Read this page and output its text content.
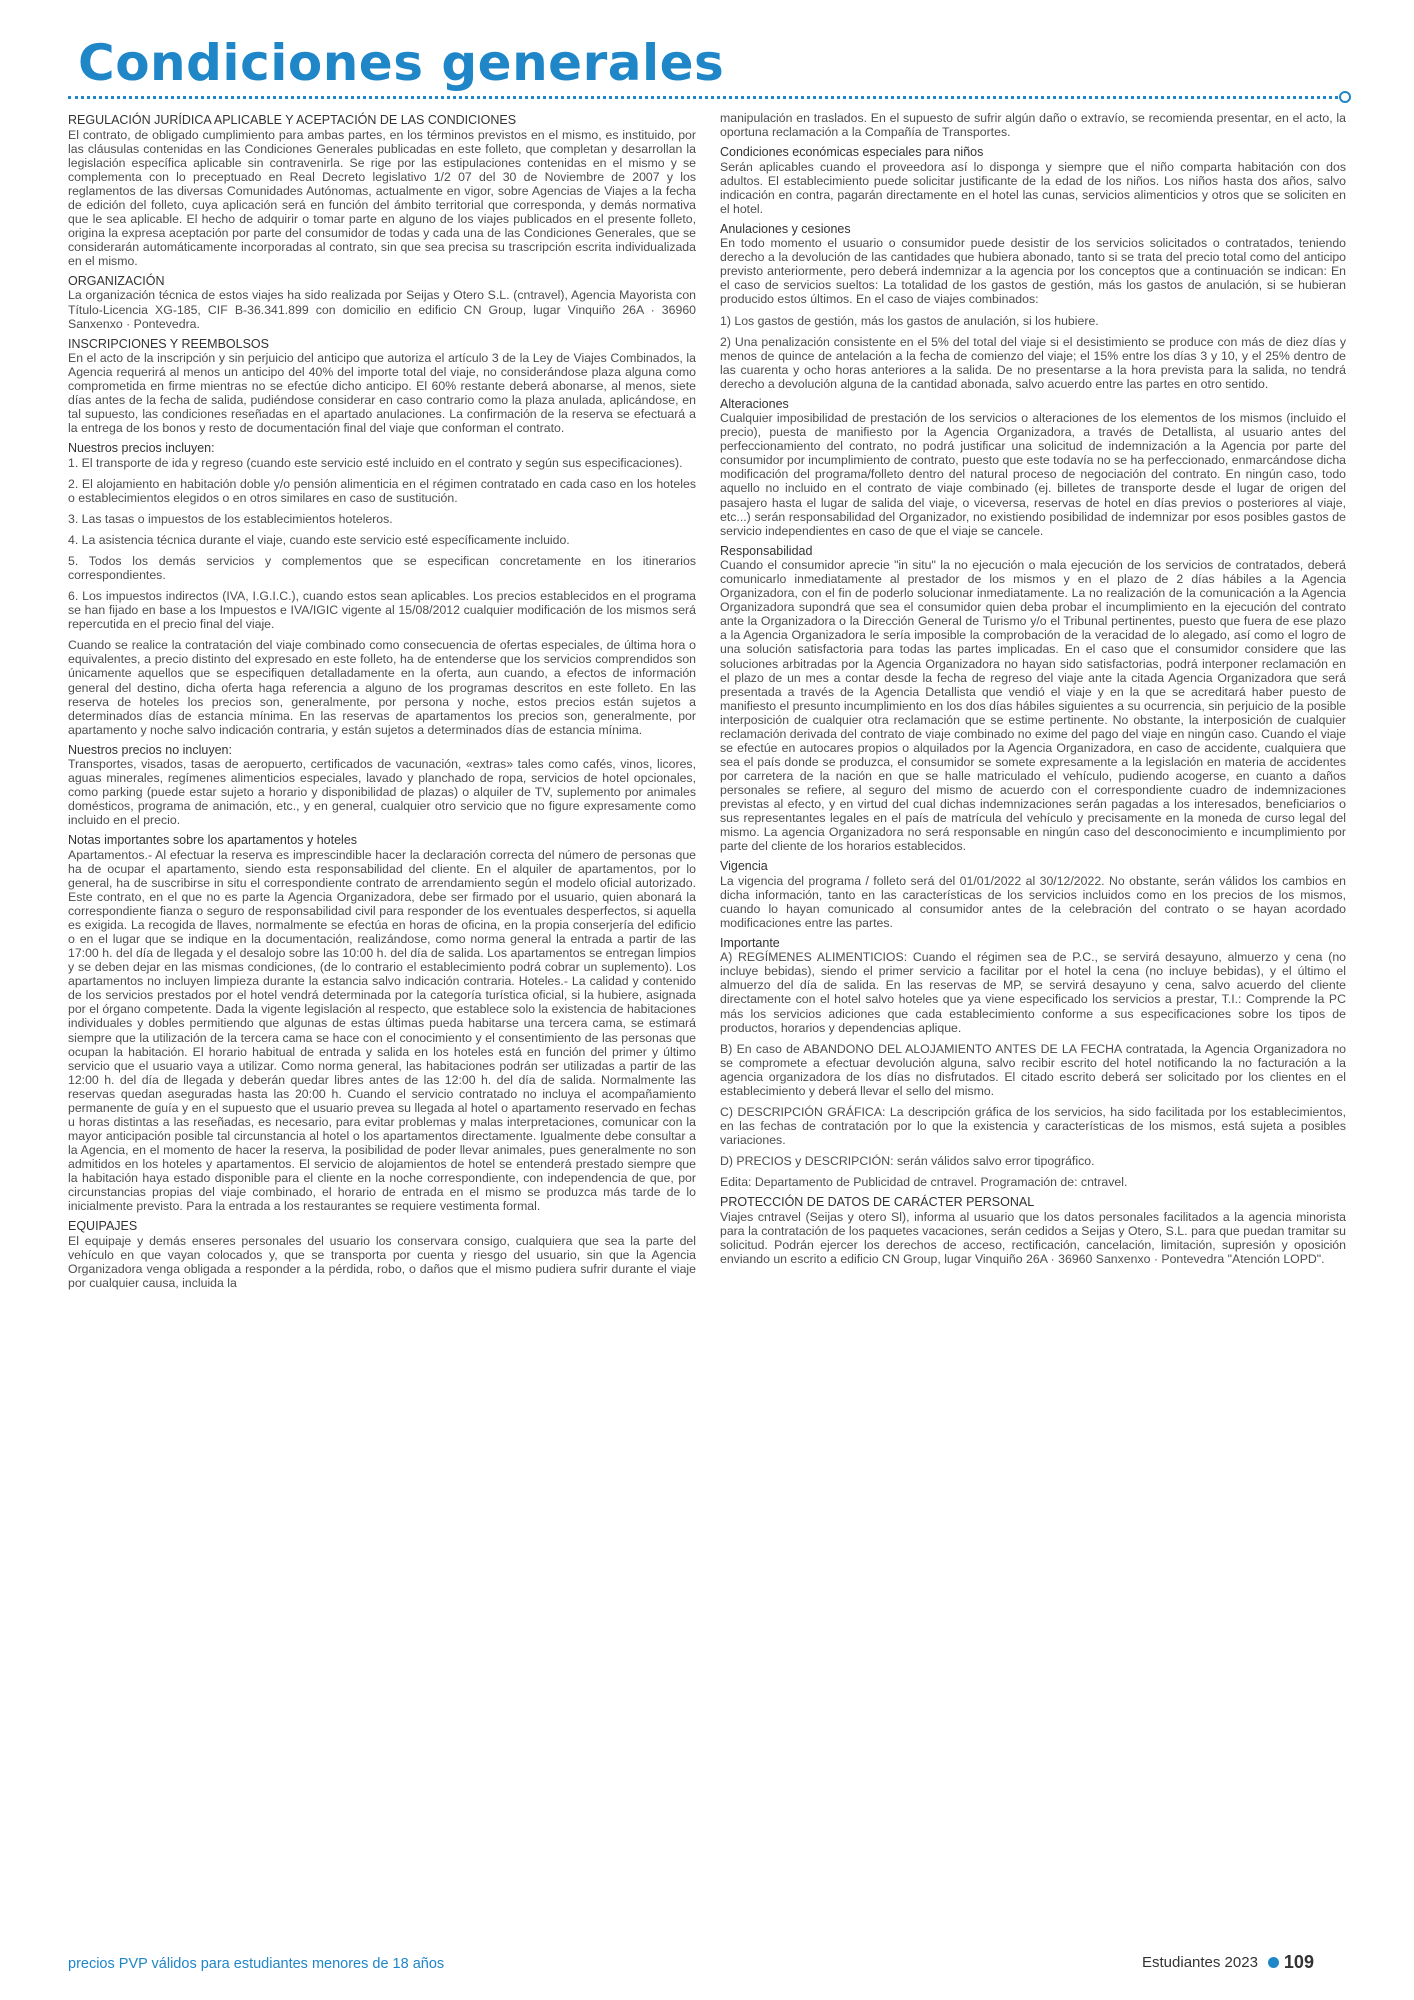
Condiciones generales
REGULACIÓN JURÍDICA APLICABLE Y ACEPTACIÓN DE LAS CONDICIONES

El contrato, de obligado cumplimiento para ambas partes, en los términos previstos en el mismo, es instituido, por las cláusulas contenidas en las Condiciones Generales publicadas en este folleto, que completan y desarrollan la legislación específica aplicable sin contravenirla. Se rige por las estipulaciones contenidas en el mismo y se complementa con lo preceptuado en Real Decreto legislativo 1/2 07 del 30 de Noviembre de 2007 y los reglamentos de las diversas Comunidades Autónomas, actualmente en vigor, sobre Agencias de Viajes a la fecha de edición del folleto, cuya aplicación será en función del ámbito territorial que corresponda, y demás normativa que le sea aplicable. El hecho de adquirir o tomar parte en alguno de los viajes publicados en el presente folleto, origina la expresa aceptación por parte del consumidor de todas y cada una de las Condiciones Generales, que se considerarán automáticamente incorporadas al contrato, sin que sea precisa su trascripción escrita individualizada en el mismo.

ORGANIZACIÓN

La organización técnica de estos viajes ha sido realizada por Seijas y Otero S.L. (cntravel), Agencia Mayorista con Título-Licencia XG-185, CIF B-36.341.899 con domicilio en edificio CN Group, lugar Vinquiño 26A · 36960 Sanxenxo · Pontevedra.

INSCRIPCIONES Y REEMBOLSOS

En el acto de la inscripción y sin perjuicio del anticipo que autoriza el artículo 3 de la Ley de Viajes Combinados, la Agencia requerirá al menos un anticipo del 40% del importe total del viaje, no considerándose plaza alguna como comprometida en firme mientras no se efectúe dicho anticipo. El 60% restante deberá abonarse, al menos, siete días antes de la fecha de salida, pudiéndose considerar en caso contrario como la plaza anulada, aplicándose, en tal supuesto, las condiciones reseñadas en el apartado anulaciones. La confirmación de la reserva se efectuará a la entrega de los bonos y resto de documentación final del viaje que conforman el contrato.

Nuestros precios incluyen:

1. El transporte de ida y regreso (cuando este servicio esté incluido en el contrato y según sus especificaciones).

2. El alojamiento en habitación doble y/o pensión alimenticia en el régimen contratado en cada caso en los hoteles o establecimientos elegidos o en otros similares en caso de sustitución.

3. Las tasas o impuestos de los establecimientos hoteleros.

4. La asistencia técnica durante el viaje, cuando este servicio esté específicamente incluido.

5. Todos los demás servicios y complementos que se especifican concretamente en los itinerarios correspondientes.

6. Los impuestos indirectos (IVA, I.G.I.C.), cuando estos sean aplicables. Los precios establecidos en el programa se han fijado en base a los Impuestos e IVA/IGIC vigente al 15/08/2012 cualquier modificación de los mismos será repercutida en el precio final del viaje.

Cuando se realice la contratación del viaje combinado como consecuencia de ofertas especiales, de última hora o equivalentes, a precio distinto del expresado en este folleto, ha de entenderse que los servicios comprendidos son únicamente aquellos que se especifiquen detalladamente en la oferta, aun cuando, a efectos de información general del destino, dicha oferta haga referencia a alguno de los programas descritos en este folleto. En las reserva de hoteles los precios son, generalmente, por persona y noche, estos precios están sujetos a determinados días de estancia mínima. En las reservas de apartamentos los precios son, generalmente, por apartamento y noche salvo indicación contraria, y están sujetos a determinados días de estancia mínima.

Nuestros precios no incluyen:

Transportes, visados, tasas de aeropuerto, certificados de vacunación, «extras» tales como cafés, vinos, licores, aguas minerales, regímenes alimenticios especiales, lavado y planchado de ropa, servicios de hotel opcionales, como parking (puede estar sujeto a horario y disponibilidad de plazas) o alquiler de TV, suplemento por animales domésticos, programa de animación, etc., y en general, cualquier otro servicio que no figure expresamente como incluido en el precio.

Notas importantes sobre los apartamentos y hoteles

Apartamentos.- Al efectuar la reserva es imprescindible hacer la declaración correcta del número de personas que ha de ocupar el apartamento, siendo esta responsabilidad del cliente. En el alquiler de apartamentos, por lo general, ha de suscribirse in situ el correspondiente contrato de arrendamiento según el modelo oficial autorizado. Este contrato, en el que no es parte la Agencia Organizadora, debe ser firmado por el usuario, quien abonará la correspondiente fianza o seguro de responsabilidad civil para responder de los eventuales desperfectos, si aquella es exigida. La recogida de llaves, normalmente se efectúa en horas de oficina, en la propia conserjería del edificio o en el lugar que se indique en la documentación, realizándose, como norma general la entrada a partir de las 17:00 h. del día de llegada y el desalojo sobre las 10:00 h. del día de salida. Los apartamentos se entregan limpios y se deben dejar en las mismas condiciones, (de lo contrario el establecimiento podrá cobrar un suplemento). Los apartamentos no incluyen limpieza durante la estancia salvo indicación contraria. Hoteles.- La calidad y contenido de los servicios prestados por el hotel vendrá determinada por la categoría turística oficial, si la hubiere, asignada por el órgano competente. Dada la vigente legislación al respecto, que establece solo la existencia de habitaciones individuales y dobles permitiendo que algunas de estas últimas pueda habitarse una tercera cama, se estimará siempre que la utilización de la tercera cama se hace con el conocimiento y el consentimiento de las personas que ocupan la habitación. El horario habitual de entrada y salida en los hoteles está en función del primer y último servicio que el usuario vaya a utilizar. Como norma general, las habitaciones podrán ser utilizadas a partir de las 12:00 h. del día de llegada y deberán quedar libres antes de las 12:00 h. del día de salida. Normalmente las reservas quedan aseguradas hasta las 20:00 h. Cuando el servicio contratado no incluya el acompañamiento permanente de guía y en el supuesto que el usuario prevea su llegada al hotel o apartamento reservado en fechas u horas distintas a las reseñadas, es necesario, para evitar problemas y malas interpretaciones, comunicar con la mayor anticipación posible tal circunstancia al hotel o los apartamentos directamente. Igualmente debe consultar a la Agencia, en el momento de hacer la reserva, la posibilidad de poder llevar animales, pues generalmente no son admitidos en los hoteles y apartamentos. El servicio de alojamientos de hotel se entenderá prestado siempre que la habitación haya estado disponible para el cliente en la noche correspondiente, con independencia de que, por circunstancias propias del viaje combinado, el horario de entrada en el mismo se produzca más tarde de lo inicialmente previsto. Para la entrada a los restaurantes se requiere vestimenta formal.

EQUIPAJES

El equipaje y demás enseres personales del usuario los conservara consigo, cualquiera que sea la parte del vehículo en que vayan colocados y, que se transporta por cuenta y riesgo del usuario, sin que la Agencia Organizadora venga obligada a responder a la pérdida, robo, o daños que el mismo pudiera sufrir durante el viaje por cualquier causa, incluida la

manipulación en traslados. En el supuesto de sufrir algún daño o extravío, se recomienda presentar, en el acto, la oportuna reclamación a la Compañía de Transportes.

Condiciones económicas especiales para niños

Serán aplicables cuando el proveedora así lo disponga y siempre que el niño comparta habitación con dos adultos. El establecimiento puede solicitar justificante de la edad de los niños. Los niños hasta dos años, salvo indicación en contra, pagarán directamente en el hotel las cunas, servicios alimenticios y otros que se soliciten en el hotel.

Anulaciones y cesiones

En todo momento el usuario o consumidor puede desistir de los servicios solicitados o contratados, teniendo derecho a la devolución de las cantidades que hubiera abonado, tanto si se trata del precio total como del anticipo previsto anteriormente, pero deberá indemnizar a la agencia por los conceptos que a continuación se indican: En el caso de servicios sueltos: La totalidad de los gastos de gestión, más los gastos de anulación, si se hubieran producido estos últimos. En el caso de viajes combinados:

1) Los gastos de gestión, más los gastos de anulación, si los hubiere.

2) Una penalización consistente en el 5% del total del viaje si el desistimiento se produce con más de diez días y menos de quince de antelación a la fecha de comienzo del viaje; el 15% entre los días 3 y 10, y el 25% dentro de las cuarenta y ocho horas anteriores a la salida. De no presentarse a la hora prevista para la salida, no tendrá derecho a devolución alguna de la cantidad abonada, salvo acuerdo entre las partes en otro sentido.

Alteraciones

Cualquier imposibilidad de prestación de los servicios o alteraciones de los elementos de los mismos (incluido el precio), puesta de manifiesto por la Agencia Organizadora, a través de Detallista, al usuario antes del perfeccionamiento del contrato, no podrá justificar una solicitud de indemnización a la Agencia por parte del consumidor por incumplimiento de contrato, puesto que este todavía no se ha perfeccionado, enmarcándose dicha modificación del programa/folleto dentro del natural proceso de negociación del contrato. En ningún caso, todo aquello no incluido en el contrato de viaje combinado (ej. billetes de transporte desde el lugar de origen del pasajero hasta el lugar de salida del viaje, o viceversa, reservas de hotel en días previos o posteriores al viaje, etc...) serán responsabilidad del Organizador, no existiendo posibilidad de indemnizar por esos posibles gastos de servicio independientes en caso de que el viaje se cancele.

Responsabilidad

Cuando el consumidor aprecie "in situ" la no ejecución o mala ejecución de los servicios de contratados, deberá comunicarlo inmediatamente al prestador de los mismos y en el plazo de 2 días hábiles a la Agencia Organizadora, con el fin de poderlo solucionar inmediatamente. La no realización de la comunicación a la Agencia Organizadora supondrá que sea el consumidor quien deba probar el incumplimiento en la ejecución del contrato ante la Organizadora o la Dirección General de Turismo y/o el Tribunal pertinentes, puesto que fuera de ese plazo a la Agencia Organizadora le sería imposible la comprobación de la veracidad de lo alegado, así como el logro de una solución satisfactoria para todas las partes implicadas. En el caso que el consumidor considere que las soluciones arbitradas por la Agencia Organizadora no hayan sido satisfactorias, podrá interponer reclamación en el plazo de un mes a contar desde la fecha de regreso del viaje ante la citada Agencia Organizadora que será presentada a través de la Agencia Detallista que vendió el viaje y en la que se acreditará haber puesto de manifiesto el presunto incumplimiento en los dos días hábiles siguientes a su ocurrencia, sin perjuicio de la posible interposición de cualquier otra reclamación que se estime pertinente. No obstante, la interposición de cualquier reclamación derivada del contrato de viaje combinado no exime del pago del viaje en ningún caso. Cuando el viaje se efectúe en autocares propios o alquilados por la Agencia Organizadora, en caso de accidente, cualquiera que sea el país donde se produzca, el consumidor se somete expresamente a la legislación en materia de accidentes por carretera de la nación en que se halle matriculado el vehículo, pudiendo acogerse, en cuanto a daños personales se refiere, al seguro del mismo de acuerdo con el correspondiente cuadro de indemnizaciones previstas al efecto, y en virtud del cual dichas indemnizaciones serán pagadas a los interesados, beneficiarios o sus representantes legales en el país de matrícula del vehículo y precisamente en la moneda de curso legal del mismo. La agencia Organizadora no será responsable en ningún caso del desconocimiento e incumplimiento por parte del cliente de los horarios establecidos.

Vigencia

La vigencia del programa / folleto será del 01/01/2022 al 30/12/2022. No obstante, serán válidos los cambios en dicha información, tanto en las características de los servicios incluidos como en los precios de los mismos, cuando lo hayan comunicado al consumidor antes de la celebración del contrato o se hayan acordado modificaciones entre las partes.

Importante

A) REGÍMENES ALIMENTICIOS: Cuando el régimen sea de P.C., se servirá desayuno, almuerzo y cena (no incluye bebidas), siendo el primer servicio a facilitar por el hotel la cena (no incluye bebidas), y el último el almuerzo del día de salida. En las reservas de MP, se servirá desayuno y cena, salvo acuerdo del cliente directamente con el hotel salvo hoteles que ya viene especificado los servicios a prestar, T.I.: Comprende la PC más los servicios adiciones que cada establecimiento conforme a sus especificaciones sobre los tipos de productos, horarios y dependencias aplique.

B) En caso de ABANDONO DEL ALOJAMIENTO ANTES DE LA FECHA contratada, la Agencia Organizadora no se compromete a efectuar devolución alguna, salvo recibir escrito del hotel notificando la no facturación a la agencia organizadora de los días no disfrutados. El citado escrito deberá ser solicitado por los clientes en el establecimiento y deberá llevar el sello del mismo.

C) DESCRIPCIÓN GRÁFICA: La descripción gráfica de los servicios, ha sido facilitada por los establecimientos, en las fechas de contratación por lo que la existencia y características de los mismos, está sujeta a posibles variaciones.

D) PRECIOS y DESCRIPCIÓN: serán válidos salvo error tipográfico.

Edita: Departamento de Publicidad de cntravel. Programación de: cntravel.

PROTECCIÓN DE DATOS DE CARÁCTER PERSONAL

Viajes cntravel (Seijas y otero Sl), informa al usuario que los datos personales facilitados a la agencia minorista para la contratación de los paquetes vacaciones, serán cedidos a Seijas y Otero, S.L. para que puedan tramitar su solicitud. Podrán ejercer los derechos de acceso, rectificación, cancelación, limitación, supresión y oposición enviando un escrito a edificio CN Group, lugar Vinquiño 26A · 36960 Sanxenxo · Pontevedra "Atención LOPD".

precios PVP válidos para estudiantes menores de 18 años	Estudiantes 2023 109
